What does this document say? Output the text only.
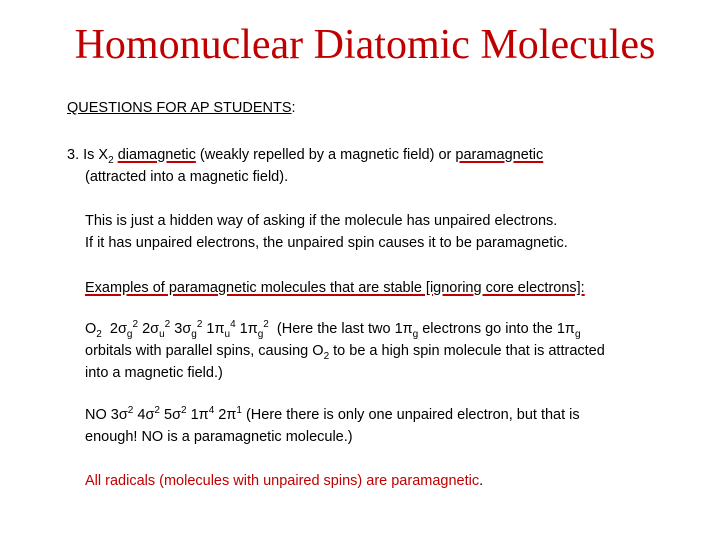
Homonuclear Diatomic Molecules
QUESTIONS FOR AP STUDENTS:
3. Is $X_2$ diamagnetic (weakly repelled by a magnetic field) or paramagnetic
(attracted into a magnetic field).
This is just a hidden way of asking if the molecule has unpaired electrons.
If it has unpaired electrons, the unpaired spin causes it to be paramagnetic.
Examples of paramagnetic molecules that are stable [ignoring core electrons]:
$O_2$ $2\sigma_g^2$ $2\sigma_u^2$ $3\sigma_g^2$ $1\pi_u^4$ $1\pi_g^2$ (Here the last two $1\pi_g$ electrons go into the $1\pi_g$
orbitals with parallel spins, causing $O_2$ to be a high spin molecule that is attracted
into a magnetic field.)
NO $3\sigma^2$ $4\sigma^2$ $5\sigma^2$ $1\pi^4$ $2\pi^1$ (Here there is only one unpaired electron, but that is
enough! NO is a paramagnetic molecule.)
All radicals (molecules with unpaired spins) are paramagnetic.
